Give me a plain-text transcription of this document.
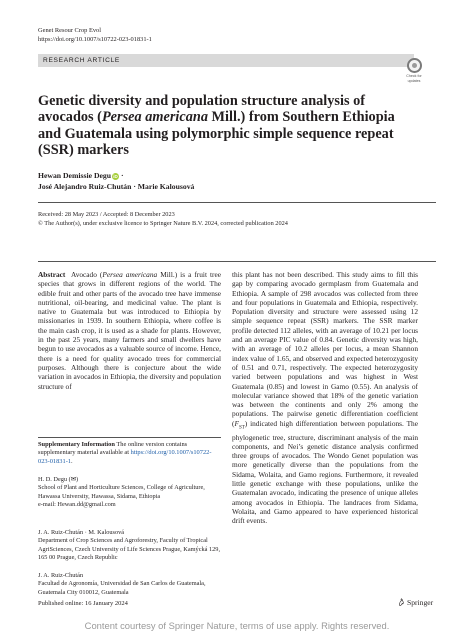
Genet Resour Crop Evol
https://doi.org/10.1007/s10722-023-01831-1
RESEARCH ARTICLE
Check for
updates
Genetic diversity and population structure analysis of avocados (Persea americana Mill.) from Southern Ethiopia and Guatemala using polymorphic simple sequence repeat (SSR) markers
Hewan Demissie Degu iD ·
José Alejandro Ruiz-Chután · Marie Kalousová
Received: 28 May 2023 / Accepted: 8 December 2023
© The Author(s), under exclusive licence to Springer Nature B.V. 2024, corrected publication 2024
Abstract Avocado (Persea americana Mill.) is a fruit tree species that grows in different regions of the world. The edible fruit and other parts of the avocado tree have immense nutritional, oil-bearing, and medicinal value. The plant is native to Guatemala but was introduced to Ethiopia by missionaries in 1939. In southern Ethiopia, where coffee is the main cash crop, it is used as a shade for plants. However, in the past 25 years, many farmers and small dwellers have begun to use avocados as a valuable source of income. Hence, there is a need for quality avocado trees for commercial purposes. Although there is conjecture about the wide variation in avocados in Ethiopia, the diversity and population structure of
this plant has not been described. This study aims to fill this gap by comparing avocado germplasm from Guatemala and Ethiopia. A sample of 298 avocados was collected from three and four populations in Guatemala and Ethiopia, respectively. Population diversity and structure were assessed using 12 simple sequence repeat (SSR) markers. The SSR marker profile detected 112 alleles, with an average of 10.21 per locus and an average PIC value of 0.84. Genetic diversity was high, with an average of 10.2 alleles per locus, a mean Shannon index value of 1.65, and observed and expected heterozygosity of 0.51 and 0.71, respectively. The expected heterozygosity varied between populations and was highest in West Guatemala (0.85) and lowest in Gamo (0.55). An analysis of molecular variance showed that 18% of the genetic variation was between the continents and only 2% among the populations. The pairwise genetic differentiation coefficient $(F_{ST})$ indicated high differentiation between populations. The phylogenetic tree, structure, discriminant analysis of the main components, and Nei’s genetic distance analysis confirmed three groups of avocados. The Wondo Genet population was more genetically diverse than the populations from the Sidama, Wolaita, and Gamo regions. Furthermore, it revealed little genetic exchange with these populations, unlike the Guatemalan avocado, indicating the presence of unique alleles among avocados in Ethiopia. The landraces from Sidama, Wolaita, and Gamo appeared to have experienced historical drift events.
Supplementary Information The online version contains supplementary material available at https://doi.org/10.1007/s10722-023-01831-1.
H. D. Degu (✉)
School of Plant and Horticulture Sciences, College of Agriculture, Hawassa University, Hawassa, Sidama, Ethiopia
e-mail: Hewan.dd@gmail.com
J. A. Ruiz-Chután · M. Kalousová
Department of Crop Sciences and Agroforestry, Faculty of Tropical AgriSciences, Czech University of Life Sciences Prague, Kamýcká 129, 165 00 Prague, Czech Republic
J. A. Ruiz-Chután
Facultad de Agronomía, Universidad de San Carlos de Guatemala, Guatemala City 010012, Guatemala
Published online: 16 January 2024	Springer
Content courtesy of Springer Nature, terms of use apply. Rights reserved.
